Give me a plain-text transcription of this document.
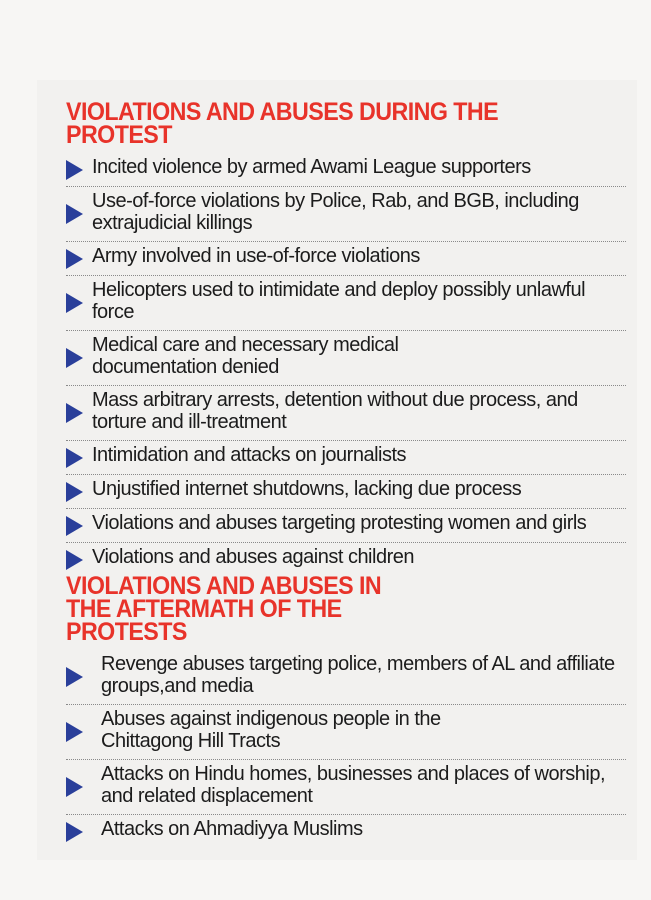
VIOLATIONS AND ABUSES DURING THE PROTEST
Incited violence by armed Awami League supporters
Use-of-force violations by Police, Rab, and BGB, including extrajudicial killings
Army involved in use-of-force violations
Helicopters used to intimidate and deploy possibly unlawful force
Medical care and necessary medical documentation denied
Mass arbitrary arrests, detention without due process, and torture and ill-treatment
Intimidation and attacks on journalists
Unjustified internet shutdowns, lacking due process
Violations and abuses targeting protesting women and girls
Violations and abuses against children
VIOLATIONS AND ABUSES IN THE AFTERMATH OF THE PROTESTS
Revenge abuses targeting police, members of AL and affiliate groups,and media
Abuses against indigenous people in the Chittagong Hill Tracts
Attacks on Hindu homes, businesses and places of worship, and related displacement
Attacks on Ahmadiyya Muslims
